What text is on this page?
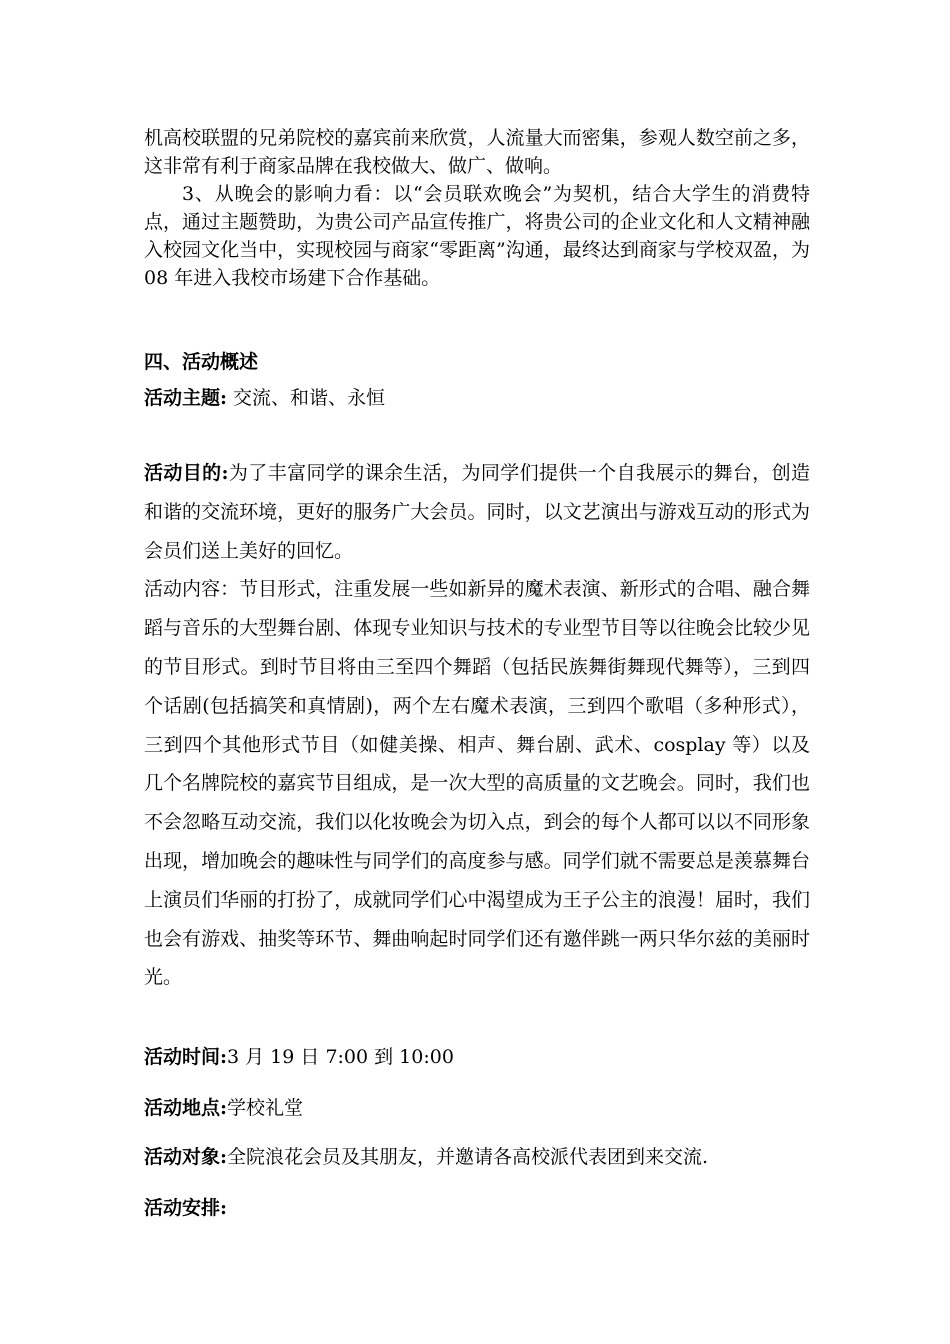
机高校联盟的兄弟院校的嘉宾前来欣赏，人流量大而密集，参观人数空前之多，这非常有利于商家品牌在我校做大、做广、做响。

3、从晚会的影响力看：以“会员联欢晚会”为契机，结合大学生的消费特点，通过主题赞助，为贵公司产品宣传推广，将贵公司的企业文化和人文精神融入校园文化当中，实现校园与商家“零距离”沟通，最终达到商家与学校双盈，为 08 年进入我校市场建下合作基础。

四、活动概述

活动主题: 交流、和谐、永恒

活动目的:为了丰富同学的课余生活，为同学们提供一个自我展示的舞台，创造和谐的交流环境，更好的服务广大会员。同时，以文艺演出与游戏互动的形式为会员们送上美好的回忆。

活动内容：节目形式，注重发展一些如新异的魔术表演、新形式的合唱、融合舞蹈与音乐的大型舞台剧、体现专业知识与技术的专业型节目等以往晚会比较少见的节目形式。到时节目将由三至四个舞蹈（包括民族舞街舞现代舞等），三到四个话剧(包括搞笑和真情剧)，两个左右魔术表演，三到四个歌唱（多种形式），三到四个其他形式节目（如健美操、相声、舞台剧、武术、cosplay 等）以及几个名牌院校的嘉宾节目组成，是一次大型的高质量的文艺晚会。同时，我们也不会忽略互动交流，我们以化妆晚会为切入点，到会的每个人都可以以不同形象出现，增加晚会的趣味性与同学们的高度参与感。同学们就不需要总是羡慕舞台上演员们华丽的打扮了，成就同学们心中渴望成为王子公主的浪漫！届时，我们也会有游戏、抽奖等环节、舞曲响起时同学们还有邀伴跳一两只华尔兹的美丽时光。

活动时间:3 月 19 日 7:00 到 10:00

活动地点:学校礼堂

活动对象:全院浪花会员及其朋友，并邀请各高校派代表团到来交流.

活动安排:
